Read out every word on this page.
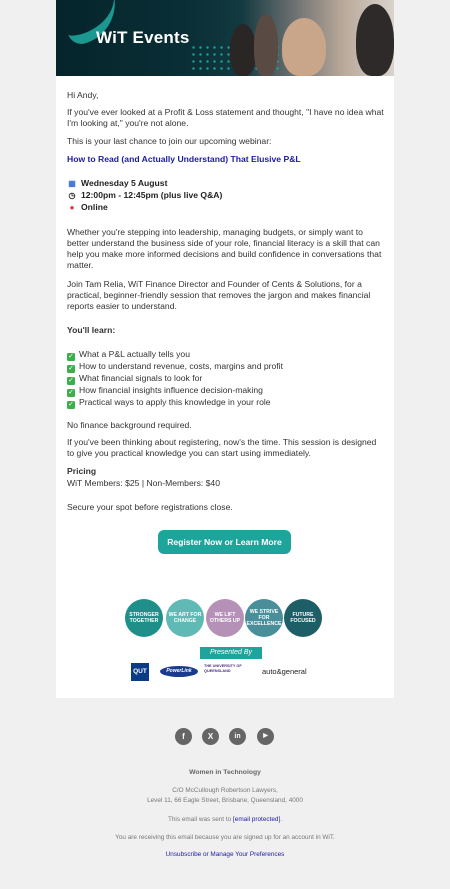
WiT Events
Hi Andy,
If you've ever looked at a Profit & Loss statement and thought, "I have no idea what I'm looking at," you're not alone.
This is your last chance to join our upcoming webinar:
How to Read (and Actually Understand) That Elusive P&L
▦ Wednesday 5 August
◷ 12:00pm - 12:45pm (plus live Q&A)
● Online
Whether you're stepping into leadership, managing budgets, or simply want to better understand the business side of your role, financial literacy is a skill that can help you make more informed decisions and build confidence in conversations that matter.
Join Tam Relia, WiT Finance Director and Founder of Cents & Solutions, for a practical, beginner-friendly session that removes the jargon and makes financial reports easier to understand.
You'll learn:
✓ What a P&L actually tells you
✓ How to understand revenue, costs, margins and profit
✓ What financial signals to look for
✓ How financial insights influence decision-making
✓ Practical ways to apply this knowledge in your role
No finance background required.
If you've been thinking about registering, now's the time. This session is designed to give you practical knowledge you can start using immediately.
Pricing
WiT Members: $25 | Non-Members: $40
Secure your spot before registrations close.
Register Now or Learn More
STRONGER TOGETHER
WE ART FOR CHANGE
WE LIFT OTHERS UP
WE STRIVE FOR EXCELLENCE
FUTURE FOCUSED
Presented By
QUT	PowerLink
THE UNIVERSITY OF QUEENSLAND	auto&general
f	X	in	▶
Women in Technology
C/O McCullough Robertson Lawyers,
Level 11, 66 Eagle Street, Brisbane, Queensland, 4000
This email was sent to [email protected].
You are receiving this email because you are signed up for an account in WiT.
Unsubscribe or Manage Your Preferences
